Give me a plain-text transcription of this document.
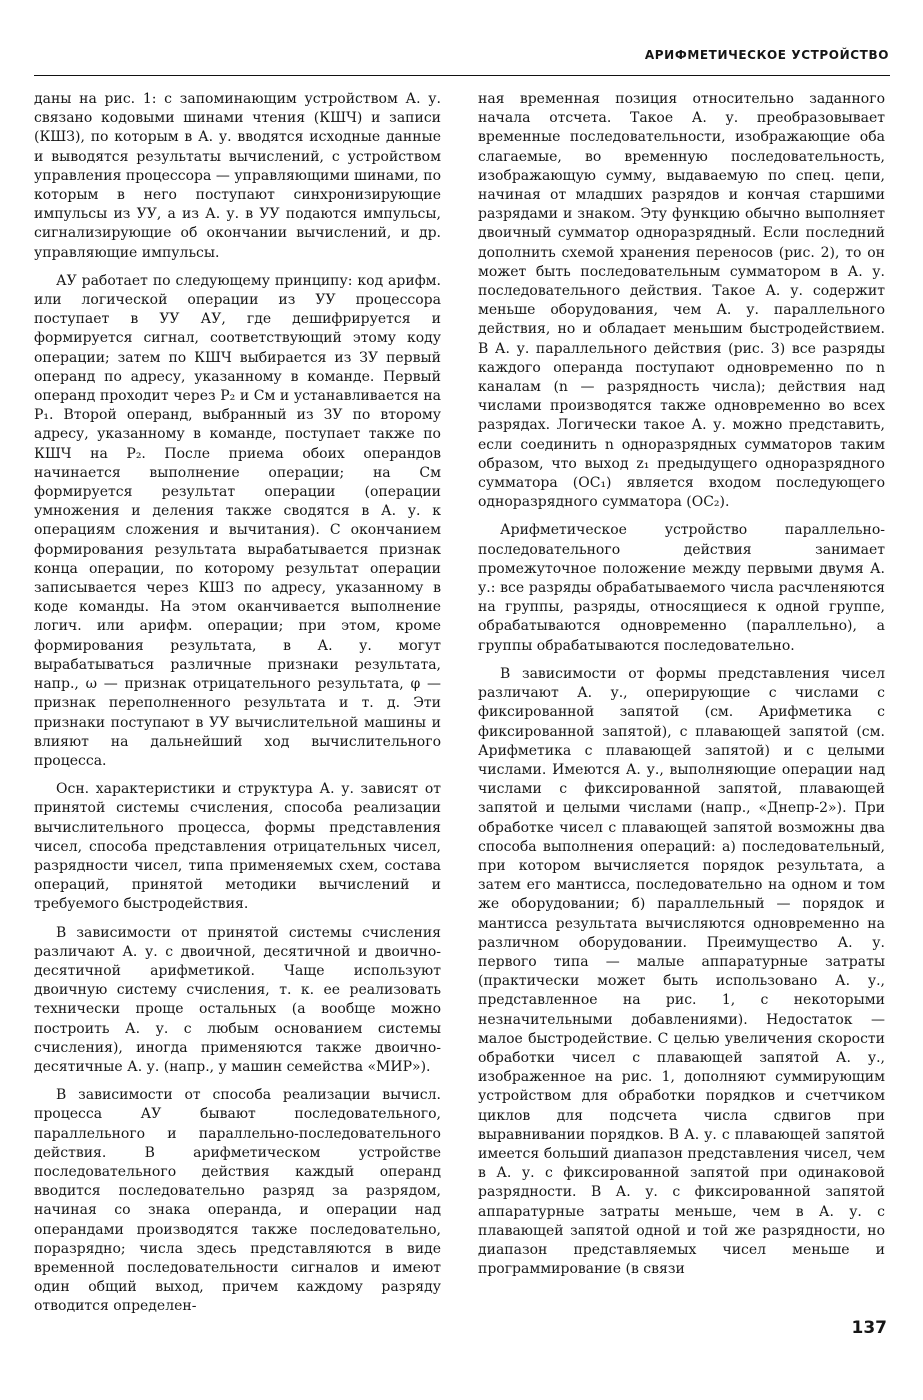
АРИФМЕТИЧЕСКОЕ УСТРОЙСТВО

даны на рис. 1: с запоминающим устройством А. у. связано кодовыми шинами чтения (КШЧ) и записи (КШЗ), по которым в А. у. вводятся исходные данные и выводятся результаты вычислений, с устройством управления процессора — управляющими шинами, по которым в него поступают синхронизирующие импульсы из УУ, а из А. у. в УУ подаются импульсы, сигнализирующие об окончании вычислений, и др. управляющие импульсы.

АУ работает по следующему принципу: код арифм. или логической операции из УУ процессора поступает в УУ АУ, где дешифрируется и формируется сигнал, соответствующий этому коду операции; затем по КШЧ выбирается из ЗУ первый операнд по адресу, указанному в команде. Первый операнд проходит через Р₂ и См и устанавливается на Р₁. Второй операнд, выбранный из ЗУ по второму адресу, указанному в команде, поступает также по КШЧ на Р₂. После приема обоих операндов начинается выполнение операции; на См формируется результат операции (операции умножения и деления также сводятся в А. у. к операциям сложения и вычитания). С окончанием формирования результата вырабатывается признак конца операции, по которому результат операции записывается через КШЗ по адресу, указанному в коде команды. На этом оканчивается выполнение логич. или арифм. операции; при этом, кроме формирования результата, в А. у. могут вырабатываться различные признаки результата, напр., ω — признак отрицательного результата, φ — признак переполненного результата и т. д. Эти признаки поступают в УУ вычислительной машины и влияют на дальнейший ход вычислительного процесса.

Осн. характеристики и структура А. у. зависят от принятой системы счисления, способа реализации вычислительного процесса, формы представления чисел, способа представления отрицательных чисел, разрядности чисел, типа применяемых схем, состава операций, принятой методики вычислений и требуемого быстродействия.

В зависимости от принятой системы счисления различают А. у. с двоичной, десятичной и двоично-десятичной арифметикой. Чаще используют двоичную систему счисления, т. к. ее реализовать технически проще остальных (а вообще можно построить А. у. с любым основанием системы счисления), иногда применяются также двоично-десятичные А. у. (напр., у машин семейства «МИР»).

В зависимости от способа реализации вычисл. процесса АУ бывают последовательного, параллельного и параллельно-последовательного действия. В арифметическом устройстве последовательного действия каждый операнд вводится последовательно разряд за разрядом, начиная со знака операнда, и операции над операндами производятся также последовательно, поразрядно; числа здесь представляются в виде временной последовательности сигналов и имеют один общий выход, причем каждому разряду отводится определен-

ная временная позиция относительно заданного начала отсчета. Такое А. у. преобразовывает временные последовательности, изображающие оба слагаемые, во временную последовательность, изображающую сумму, выдаваемую по спец. цепи, начиная от младших разрядов и кончая старшими разрядами и знаком. Эту функцию обычно выполняет двоичный сумматор одноразрядный. Если последний дополнить схемой хранения переносов (рис. 2), то он может быть последовательным сумматором в А. у. последовательного действия. Такое А. у. содержит меньше оборудования, чем А. у. параллельного действия, но и обладает меньшим быстродействием. В А. у. параллельного действия (рис. 3) все разряды каждого операнда поступают одновременно по n каналам (n — разрядность числа); действия над числами производятся также одновременно во всех разрядах. Логически такое А. у. можно представить, если соединить n одноразрядных сумматоров таким образом, что выход z₁ предыдущего одноразрядного сумматора (ОС₁) является входом последующего одноразрядного сумматора (ОС₂).

Арифметическое устройство параллельно-последовательного действия занимает промежуточное положение между первыми двумя А. у.: все разряды обрабатываемого числа расчленяются на группы, разряды, относящиеся к одной группе, обрабатываются одновременно (параллельно), а группы обрабатываются последовательно.

В зависимости от формы представления чисел различают А. у., оперирующие с числами с фиксированной запятой (см. Арифметика с фиксированной запятой), с плавающей запятой (см. Арифметика с плавающей запятой) и с целыми числами. Имеются А. у., выполняющие операции над числами с фиксированной запятой, плавающей запятой и целыми числами (напр., «Днепр-2»). При обработке чисел с плавающей запятой возможны два способа выполнения операций: а) последовательный, при котором вычисляется порядок результата, а затем его мантисса, последовательно на одном и том же оборудовании; б) параллельный — порядок и мантисса результата вычисляются одновременно на различном оборудовании. Преимущество А. у. первого типа — малые аппаратурные затраты (практически может быть использовано А. у., представленное на рис. 1, с некоторыми незначительными добавлениями). Недостаток — малое быстродействие. С целью увеличения скорости обработки чисел с плавающей запятой А. у., изображенное на рис. 1, дополняют суммирующим устройством для обработки порядков и счетчиком циклов для подсчета числа сдвигов при выравнивании порядков. В А. у. с плавающей запятой имеется больший диапазон представления чисел, чем в А. у. с фиксированной запятой при одинаковой разрядности. В А. у. с фиксированной запятой аппаратурные затраты меньше, чем в А. у. с плавающей запятой одной и той же разрядности, но диапазон представляемых чисел меньше и программирование (в связи

137
